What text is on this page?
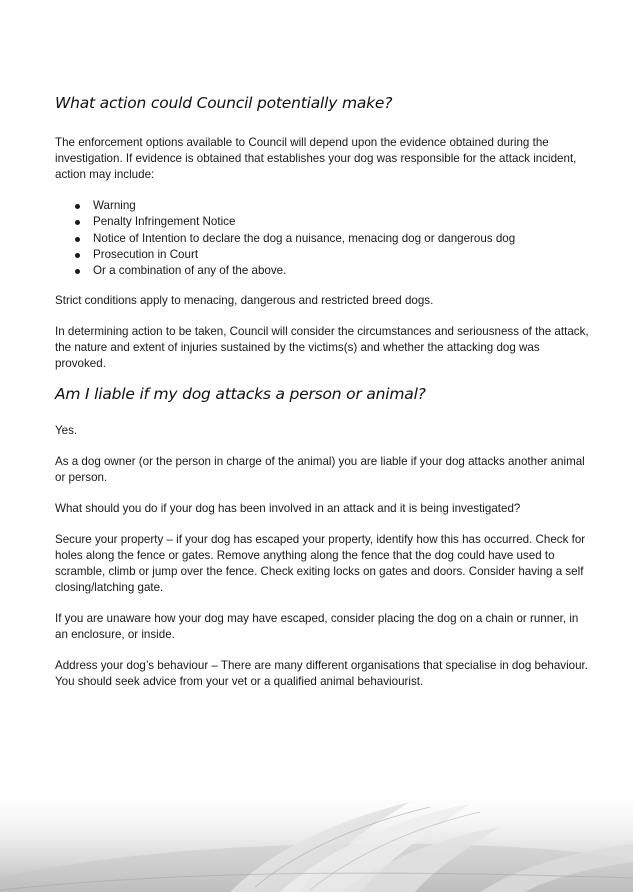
What action could Council potentially make?

The enforcement options available to Council will depend upon the evidence obtained during the investigation. If evidence is obtained that establishes your dog was responsible for the attack incident, action may include:

Warning
Penalty Infringement Notice
Notice of Intention to declare the dog a nuisance, menacing dog or dangerous dog
Prosecution in Court
Or a combination of any of the above.

Strict conditions apply to menacing, dangerous and restricted breed dogs.

In determining action to be taken, Council will consider the circumstances and seriousness of the attack, the nature and extent of injuries sustained by the victims(s) and whether the attacking dog was provoked.

Am I liable if my dog attacks a person or animal?

Yes.

As a dog owner (or the person in charge of the animal) you are liable if your dog attacks another animal or person.

What should you do if your dog has been involved in an attack and it is being investigated?

Secure your property – if your dog has escaped your property, identify how this has occurred. Check for holes along the fence or gates. Remove anything along the fence that the dog could have used to scramble, climb or jump over the fence. Check exiting locks on gates and doors. Consider having a self closing/latching gate.

If you are unaware how your dog may have escaped, consider placing the dog on a chain or runner, in an enclosure, or inside.

Address your dog’s behaviour – There are many different organisations that specialise in dog behaviour. You should seek advice from your vet or a qualified animal behaviourist.
